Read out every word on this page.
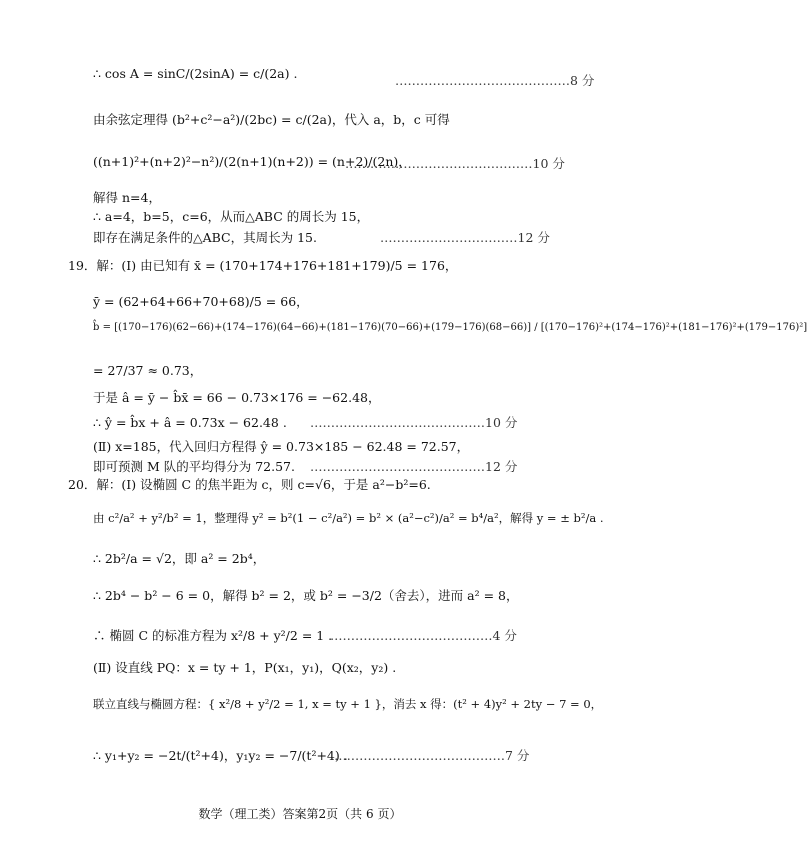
∴ cos A = sinC/(2sinA) = c/(2a) .	……………………………………8 分
由余弦定理得 (b²+c²−a²)/(2bc) = c/(2a)，代入 a，b，c 可得
((n+1)²+(n+2)²−n²)/(2(n+1)(n+2)) = (n+2)/(2n)，
………………………………………10 分
解得 n=4，
∴ a=4，b=5，c=6，从而△ABC 的周长为 15，
即存在满足条件的△ABC，其周长为 15.	……………………………12 分
19．解：(Ⅰ) 由已知有 x̄ = (170+174+176+181+179)/5 = 176，
ȳ = (62+64+66+70+68)/5 = 66，
b̂ = [(170−176)(62−66)+(174−176)(64−66)+(181−176)(70−66)+(179−176)(68−66)] / [(170−176)²+(174−176)²+(181−176)²+(179−176)²]
= 27/37 ≈ 0.73，
于是 â = ȳ − b̂x̄ = 66 − 0.73×176 = −62.48，
∴ ŷ = b̂x + â = 0.73x − 62.48 . ……………………………………10 分
(Ⅱ) x=185，代入回归方程得 ŷ = 0.73×185 − 62.48 = 72.57，
即可预测 M 队的平均得分为 72.57. ……………………………………12 分
20．解：(Ⅰ) 设椭圆 C 的焦半距为 c，则 c=√6，于是 a²−b²=6.
由 c²/a² + y²/b² = 1，整理得 y² = b²(1 − c²/a²) = b² × (a²−c²)/a² = b⁴/a²，解得 y = ± b²/a .
∴ 2b²/a = √2，即 a² = 2b⁴，
∴ 2b⁴ − b² − 6 = 0，解得 b² = 2，或 b² = −3/2（舍去），进而 a² = 8，
∴ 椭圆 C 的标准方程为 x²/8 + y²/2 = 1 .
…………………………………4 分
(Ⅱ) 设直线 PQ：x = ty + 1，P(x₁，y₁)，Q(x₂，y₂) .
联立直线与椭圆方程：{ x²/8 + y²/2 = 1, x = ty + 1 }，消去 x 得：(t² + 4)y² + 2ty − 7 = 0，
∴ y₁+y₂ = −2t/(t²+4)，y₁y₂ = −7/(t²+4) .
……………………………………7 分
数学（理工类）答案第2页（共 6 页）
